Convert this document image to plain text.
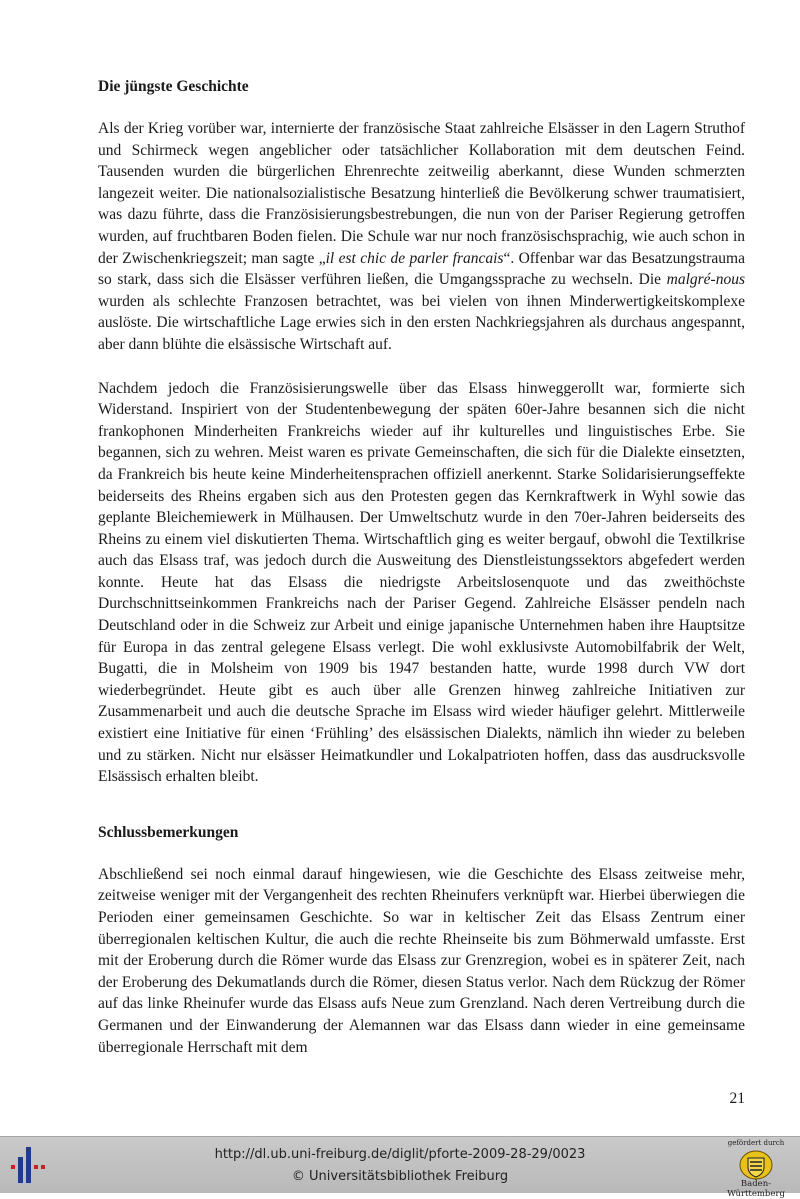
Die jüngste Geschichte

Als der Krieg vorüber war, internierte der französische Staat zahlreiche Elsässer in den Lagern Struthof und Schirmeck wegen angeblicher oder tatsächlicher Kollaboration mit dem deutschen Feind. Tausenden wurden die bürgerlichen Ehrenrechte zeitweilig aberkannt, diese Wunden schmerzten langezeit weiter. Die nationalsozialistische Besatzung hinterließ die Bevölkerung schwer traumatisiert, was dazu führte, dass die Französisierungsbestrebungen, die nun von der Pariser Regierung getroffen wurden, auf fruchtbaren Boden fielen. Die Schule war nur noch französischsprachig, wie auch schon in der Zwischenkriegszeit; man sagte „il est chic de parler francais“. Offenbar war das Besatzungstrauma so stark, dass sich die Elsässer verführen ließen, die Umgangssprache zu wechseln. Die malgré-nous wurden als schlechte Franzosen betrachtet, was bei vielen von ihnen Minderwertigkeitskomplexe auslöste. Die wirtschaftliche Lage erwies sich in den ersten Nachkriegsjahren als durchaus angespannt, aber dann blühte die elsässische Wirtschaft auf.

Nachdem jedoch die Französisierungswelle über das Elsass hinweggerollt war, formierte sich Widerstand. Inspiriert von der Studentenbewegung der späten 60er-Jahre besannen sich die nicht frankophonen Minderheiten Frankreichs wieder auf ihr kulturelles und linguistisches Erbe. Sie begannen, sich zu wehren. Meist waren es private Gemeinschaften, die sich für die Dialekte einsetzten, da Frankreich bis heute keine Minderheitensprachen offiziell anerkennt. Starke Solidarisierungseffekte beiderseits des Rheins ergaben sich aus den Protesten gegen das Kernkraftwerk in Wyhl sowie das geplante Bleichemiewerk in Mülhausen. Der Umweltschutz wurde in den 70er-Jahren beiderseits des Rheins zu einem viel diskutierten Thema. Wirtschaftlich ging es weiter bergauf, obwohl die Textilkrise auch das Elsass traf, was jedoch durch die Ausweitung des Dienstleistungssektors abgefedert werden konnte. Heute hat das Elsass die niedrigste Arbeitslosenquote und das zweithöchste Durchschnittseinkommen Frankreichs nach der Pariser Gegend. Zahlreiche Elsässer pendeln nach Deutschland oder in die Schweiz zur Arbeit und einige japanische Unternehmen haben ihre Hauptsitze für Europa in das zentral gelegene Elsass verlegt. Die wohl exklusivste Automobilfabrik der Welt, Bugatti, die in Molsheim von 1909 bis 1947 bestanden hatte, wurde 1998 durch VW dort wiederbegründet. Heute gibt es auch über alle Grenzen hinweg zahlreiche Initiativen zur Zusammenarbeit und auch die deutsche Sprache im Elsass wird wieder häufiger gelehrt. Mittlerweile existiert eine Initiative für einen ‘Frühling’ des elsässischen Dialekts, nämlich ihn wieder zu beleben und zu stärken. Nicht nur elsässer Heimatkundler und Lokalpatrioten hoffen, dass das ausdrucksvolle Elsässisch erhalten bleibt.

Schlussbemerkungen

Abschließend sei noch einmal darauf hingewiesen, wie die Geschichte des Elsass zeitweise mehr, zeitweise weniger mit der Vergangenheit des rechten Rheinufers verknüpft war. Hierbei überwiegen die Perioden einer gemeinsamen Geschichte. So war in keltischer Zeit das Elsass Zentrum einer überregionalen keltischen Kultur, die auch die rechte Rheinseite bis zum Böhmerwald umfasste. Erst mit der Eroberung durch die Römer wurde das Elsass zur Grenzregion, wobei es in späterer Zeit, nach der Eroberung des Dekumatlands durch die Römer, diesen Status verlor. Nach dem Rückzug der Römer auf das linke Rheinufer wurde das Elsass aufs Neue zum Grenzland. Nach deren Vertreibung durch die Germanen und der Einwanderung der Alemannen war das Elsass dann wieder in eine gemeinsame überregionale Herrschaft mit dem

21
http://dl.ub.uni-freiburg.de/diglit/pforte-2009-28-29/0023
© Universitätsbibliothek Freiburg
gefördert durch
Baden-Württemberg
